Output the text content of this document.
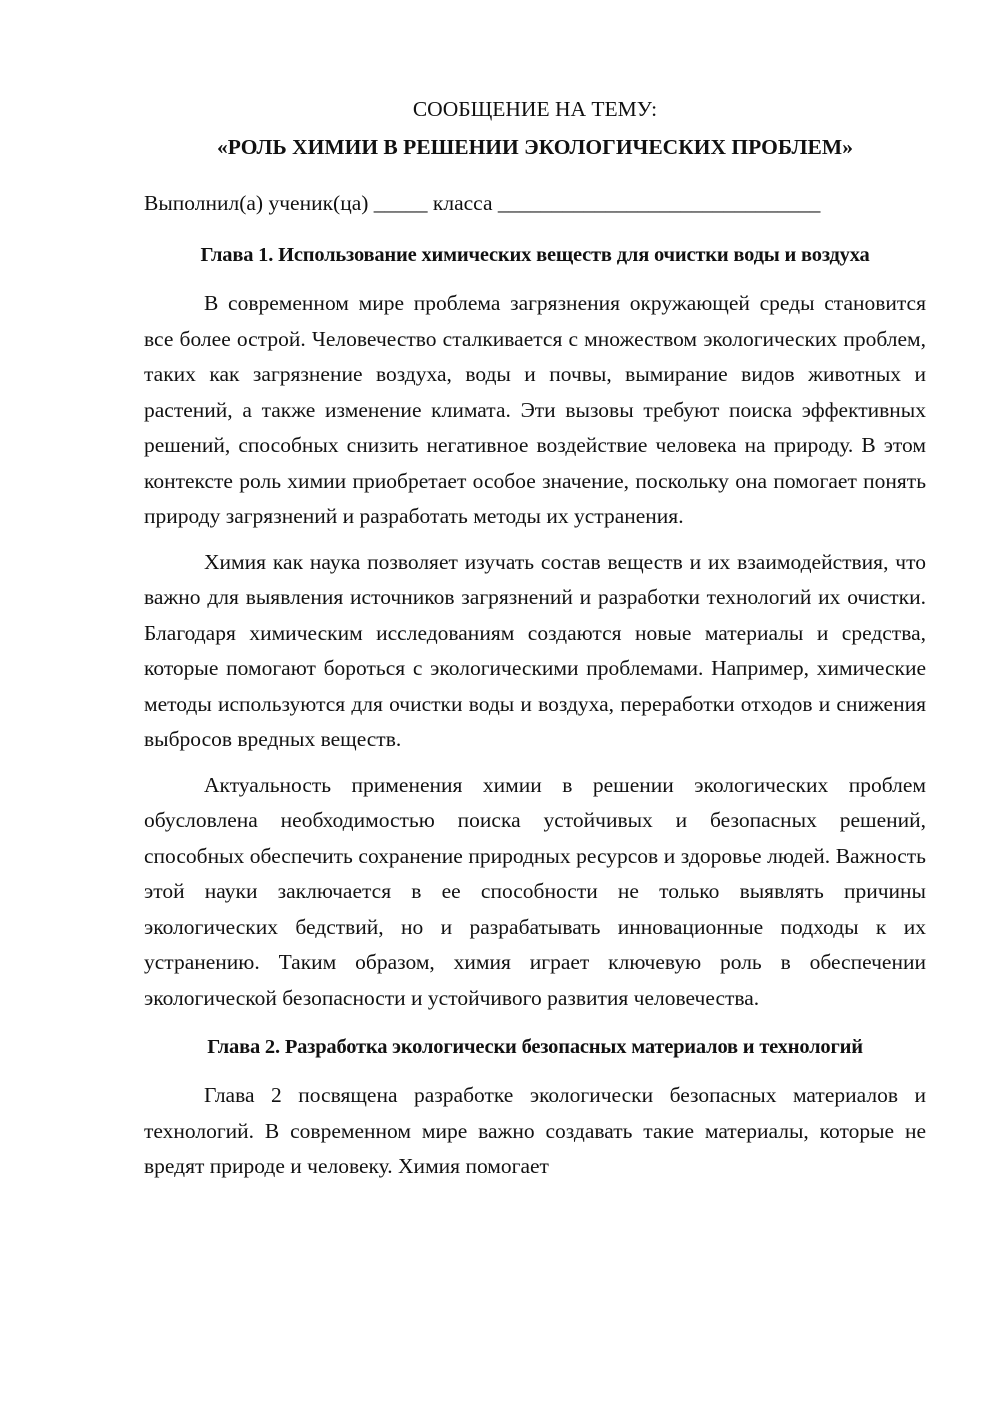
СООБЩЕНИЕ НА ТЕМУ:

«РОЛЬ ХИМИИ В РЕШЕНИИ ЭКОЛОГИЧЕСКИХ ПРОБЛЕМ»

Выполнил(а) ученик(ца) _____ класса ______________________________

Глава 1. Использование химических веществ для очистки воды и воздуха

В современном мире проблема загрязнения окружающей среды становится все более острой. Человечество сталкивается с множеством экологических проблем, таких как загрязнение воздуха, воды и почвы, вымирание видов животных и растений, а также изменение климата. Эти вызовы требуют поиска эффективных решений, способных снизить негативное воздействие человека на природу. В этом контексте роль химии приобретает особое значение, поскольку она помогает понять природу загрязнений и разработать методы их устранения.

Химия как наука позволяет изучать состав веществ и их взаимодействия, что важно для выявления источников загрязнений и разработки технологий их очистки. Благодаря химическим исследованиям создаются новые материалы и средства, которые помогают бороться с экологическими проблемами. Например, химические методы используются для очистки воды и воздуха, переработки отходов и снижения выбросов вредных веществ.

Актуальность применения химии в решении экологических проблем обусловлена необходимостью поиска устойчивых и безопасных решений, способных обеспечить сохранение природных ресурсов и здоровье людей. Важность этой науки заключается в ее способности не только выявлять причины экологических бедствий, но и разрабатывать инновационные подходы к их устранению. Таким образом, химия играет ключевую роль в обеспечении экологической безопасности и устойчивого развития человечества.

Глава 2. Разработка экологически безопасных материалов и технологий

Глава 2 посвящена разработке экологически безопасных материалов и технологий. В современном мире важно создавать такие материалы, которые не вредят природе и человеку. Химия помогает
